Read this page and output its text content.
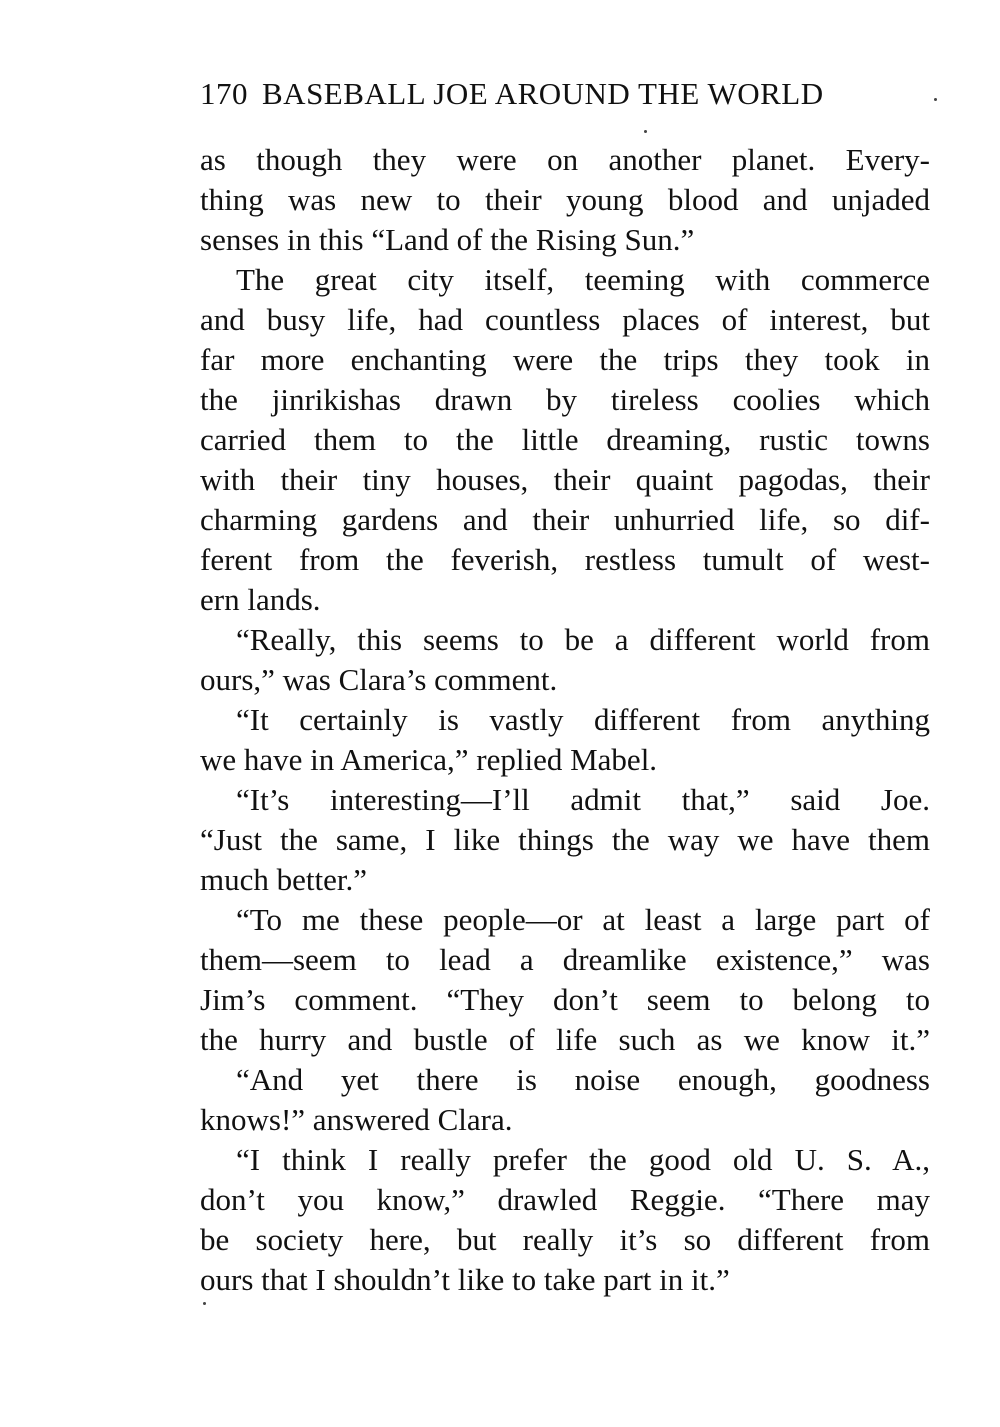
170 BASEBALL JOE AROUND THE WORLD
as though they were on another planet. Every-
thing was new to their young blood and unjaded
senses in this “Land of the Rising Sun.”
The great city itself, teeming with commerce
and busy life, had countless places of interest, but
far more enchanting were the trips they took in
the jinrikishas drawn by tireless coolies which
carried them to the little dreaming, rustic towns
with their tiny houses, their quaint pagodas, their
charming gardens and their unhurried life, so dif-
ferent from the feverish, restless tumult of west-
ern lands.
“Really, this seems to be a different world from
ours,” was Clara’s comment.
“It certainly is vastly different from anything
we have in America,” replied Mabel.
“It’s interesting—I’ll admit that,” said Joe.
“Just the same, I like things the way we have them
much better.”
“To me these people—or at least a large part of
them—seem to lead a dreamlike existence,” was
Jim’s comment. “They don’t seem to belong to
the hurry and bustle of life such as we know it.”
“And yet there is noise enough, goodness
knows!” answered Clara.
“I think I really prefer the good old U. S. A.,
don’t you know,” drawled Reggie. “There may
be society here, but really it’s so different from
ours that I shouldn’t like to take part in it.”
